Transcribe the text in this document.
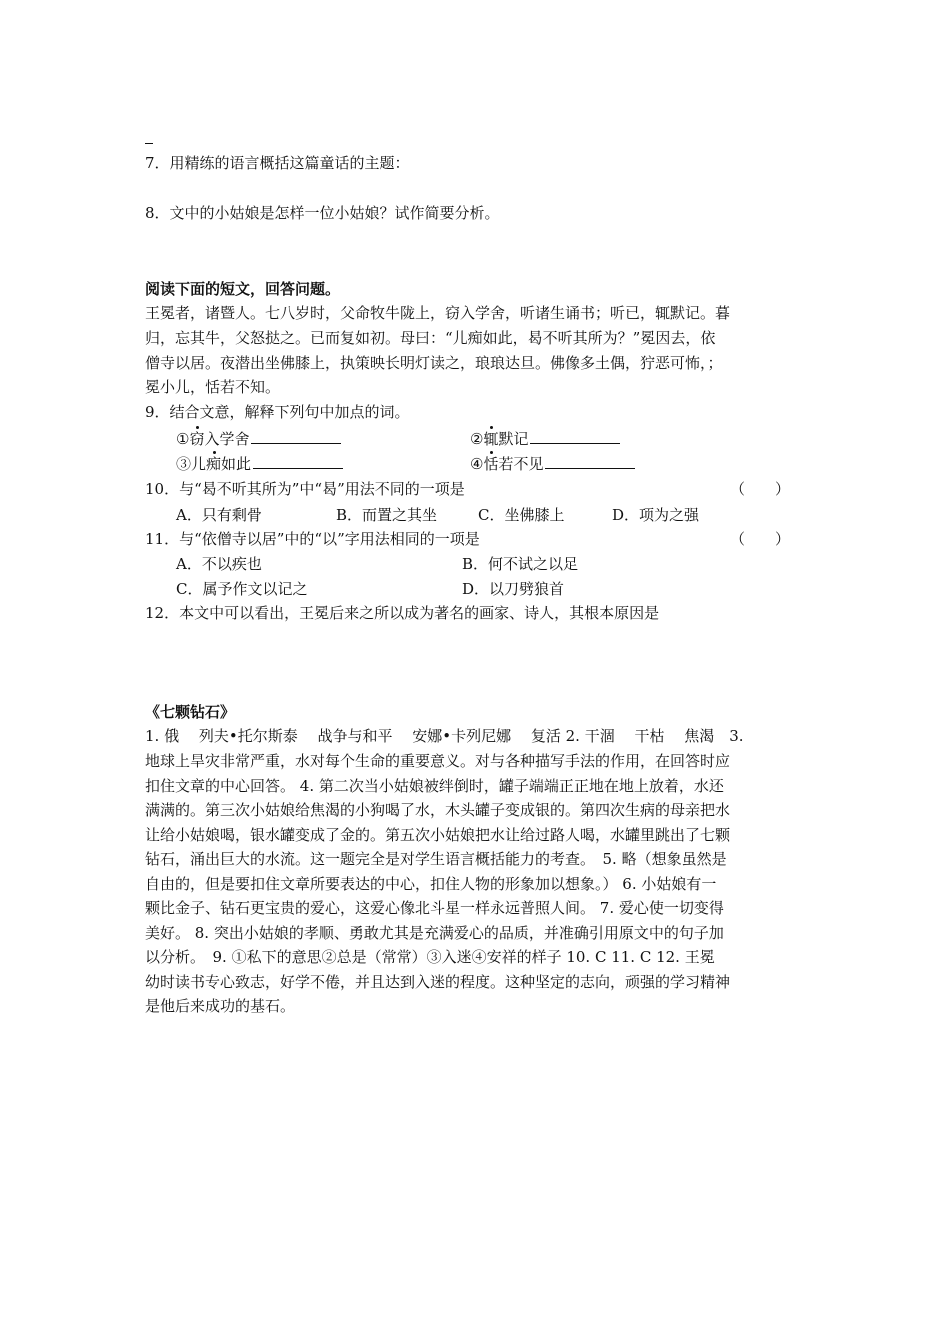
7．用精练的语言概括这篇童话的主题：
8．文中的小姑娘是怎样一位小姑娘？试作简要分析。
阅读下面的短文，回答问题。
王冕者，诸暨人。七八岁时，父命牧牛陇上，窃入学舍，听诸生诵书；听已，辄默记。暮
归，忘其牛，父怒挞之。已而复如初。母曰：“儿痴如此，曷不听其所为？”冕因去，依
僧寺以居。夜潜出坐佛膝上，执策映长明灯读之，琅琅达旦。佛像多土偶，狞恶可怖，；
冕小儿，恬若不知。
9．结合文意，解释下列句中加点的词。
①窃入学舍	②辄默记
③儿痴如此	④恬若不见
10．与“曷不听其所为”中“曷”用法不同的一项是	（　　）
A．只有剩骨	B．而置之其坐	C．坐佛膝上	D．项为之强
11．与“依僧寺以居”中的“以”字用法相同的一项是	（　　）
A．不以疾也	B．何不试之以足
C．属予作文以记之	D．以刀劈狼首
12．本文中可以看出，王冕后来之所以成为著名的画家、诗人，其根本原因是
《七颗钻石》
1. 俄　 列夫•托尔斯泰　 战争与和平　 安娜•卡列尼娜　 复活 2. 干涸　 干枯　 焦渴　3.
地球上旱灾非常严重，水对每个生命的重要意义。对与各种描写手法的作用，在回答时应
扣住文章的中心回答。 4. 第二次当小姑娘被绊倒时，罐子端端正正地在地上放着，水还
满满的。第三次小姑娘给焦渴的小狗喝了水，木头罐子变成银的。第四次生病的母亲把水
让给小姑娘喝，银水罐变成了金的。第五次小姑娘把水让给过路人喝，水罐里跳出了七颗
钻石，涌出巨大的水流。这一题完全是对学生语言概括能力的考查。　5. 略（想象虽然是
自由的，但是要扣住文章所要表达的中心，扣住人物的形象加以想象。） 6. 小姑娘有一
颗比金子、钻石更宝贵的爱心，这爱心像北斗星一样永远普照人间。 7. 爱心使一切变得
美好。 8. 突出小姑娘的孝顺、勇敢尤其是充满爱心的品质，并准确引用原文中的句子加
以分析。　9. ①私下的意思②总是（常常）③入迷④安祥的样子 10. C 11. C 12. 王冕
幼时读书专心致志，好学不倦，并且达到入迷的程度。这种坚定的志向，顽强的学习精神
是他后来成功的基石。
